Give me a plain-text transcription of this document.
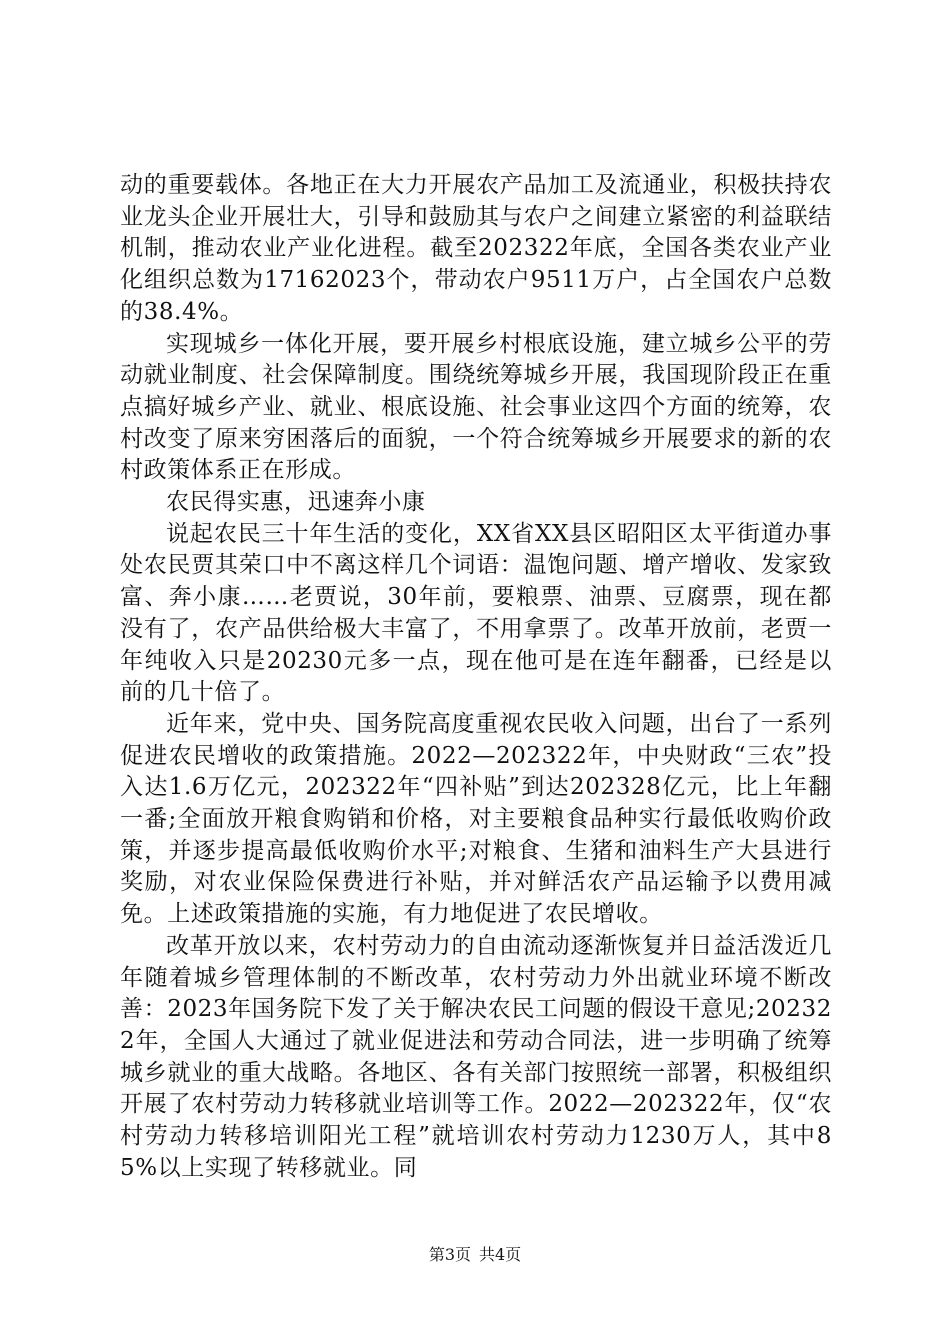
动的重要载体。各地正在大力开展农产品加工及流通业，积极扶持农业龙头企业开展壮大，引导和鼓励其与农户之间建立紧密的利益联结机制，推动农业产业化进程。截至202322年底，全国各类农业产业化组织总数为17162023个，带动农户9511万户，占全国农户总数的38.4%。

实现城乡一体化开展，要开展乡村根底设施，建立城乡公平的劳动就业制度、社会保障制度。围绕统筹城乡开展，我国现阶段正在重点搞好城乡产业、就业、根底设施、社会事业这四个方面的统筹，农村改变了原来穷困落后的面貌，一个符合统筹城乡开展要求的新的农村政策体系正在形成。

农民得实惠，迅速奔小康

说起农民三十年生活的变化，XX省XX县区昭阳区太平街道办事处农民贾其荣口中不离这样几个词语：温饱问题、增产增收、发家致富、奔小康……老贾说，30年前，要粮票、油票、豆腐票，现在都没有了，农产品供给极大丰富了，不用拿票了。改革开放前，老贾一年纯收入只是20230元多一点，现在他可是在连年翻番，已经是以前的几十倍了。

近年来，党中央、国务院高度重视农民收入问题，出台了一系列促进农民增收的政策措施。2022—202322年，中央财政“三农”投入达1.6万亿元，202322年“四补贴”到达202328亿元，比上年翻一番;全面放开粮食购销和价格，对主要粮食品种实行最低收购价政策，并逐步提高最低收购价水平;对粮食、生猪和油料生产大县进行奖励，对农业保险保费进行补贴，并对鲜活农产品运输予以费用减免。上述政策措施的实施，有力地促进了农民增收。

改革开放以来，农村劳动力的自由流动逐渐恢复并日益活泼近几年随着城乡管理体制的不断改革，农村劳动力外出就业环境不断改善：2023年国务院下发了关于解决农民工问题的假设干意见;202322年，全国人大通过了就业促进法和劳动合同法，进一步明确了统筹城乡就业的重大战略。各地区、各有关部门按照统一部署，积极组织开展了农村劳动力转移就业培训等工作。2022—202322年，仅“农村劳动力转移培训阳光工程”就培训农村劳动力1230万人，其中85%以上实现了转移就业。同

第3页 共4页
